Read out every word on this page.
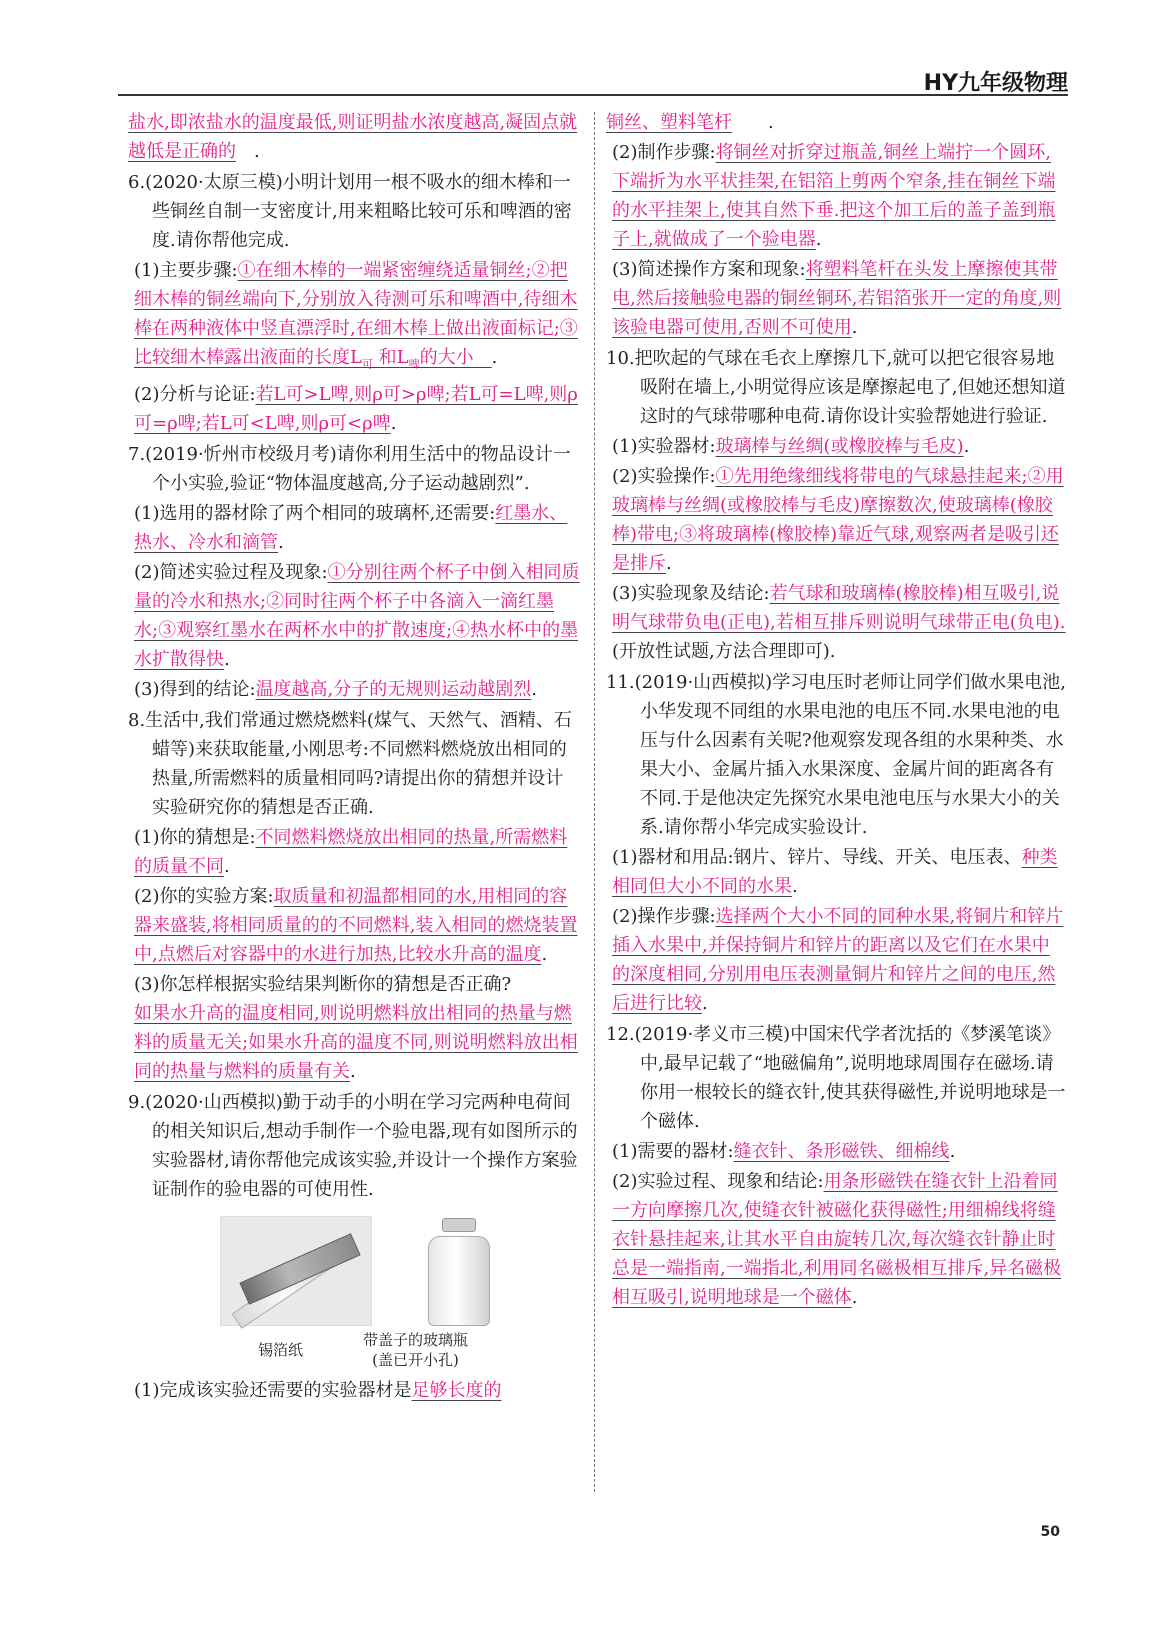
HY九年级物理

盐水,即浓盐水的温度最低,则证明盐水浓度越高,凝固点就越低是正确的　.

6.(2020·太原三模)小明计划用一根不吸水的细木棒和一些铜丝自制一支密度计,用来粗略比较可乐和啤酒的密度.请你帮他完成.

(1)主要步骤:①在细木棒的一端紧密缠绕适量铜丝;②把细木棒的铜丝端向下,分别放入待测可乐和啤酒中,待细木棒在两种液体中竖直漂浮时,在细木棒上做出液面标记;③比较细木棒露出液面的长度$L_可$ 和$L_啤$的大小　 .

(2)分析与论证:若L可>L啤,则ρ可>ρ啤;若L可=L啤,则ρ可=ρ啤;若L可<L啤,则ρ可<ρ啤.

7.(2019·忻州市校级月考)请你利用生活中的物品设计一个小实验,验证“物体温度越高,分子运动越剧烈”.

(1)选用的器材除了两个相同的玻璃杯,还需要:红墨水、热水、冷水和滴管.

(2)简述实验过程及现象:①分别往两个杯子中倒入相同质量的冷水和热水;②同时往两个杯子中各滴入一滴红墨水;③观察红墨水在两杯水中的扩散速度;④热水杯中的墨水扩散得快.

(3)得到的结论:温度越高,分子的无规则运动越剧烈.

8.生活中,我们常通过燃烧燃料(煤气、天然气、酒精、石蜡等)来获取能量,小刚思考:不同燃料燃烧放出相同的热量,所需燃料的质量相同吗?请提出你的猜想并设计实验研究你的猜想是否正确.

(1)你的猜想是:不同燃料燃烧放出相同的热量,所需燃料的质量不同.

(2)你的实验方案:取质量和初温都相同的水,用相同的容器来盛装,将相同质量的的不同燃料,装入相同的燃烧装置中,点燃后对容器中的水进行加热,比较水升高的温度.

(3)你怎样根据实验结果判断你的猜想是否正确?
如果水升高的温度相同,则说明燃料放出相同的热量与燃料的质量无关;如果水升高的温度不同,则说明燃料放出相同的热量与燃料的质量有关.

9.(2020·山西模拟)勤于动手的小明在学习完两种电荷间的相关知识后,想动手制作一个验电器,现有如图所示的实验器材,请你帮他完成该实验,并设计一个操作方案验证制作的验电器的可使用性.

锡箔纸
带盖子的玻璃瓶
(盖已开小孔)

(1)完成该实验还需要的实验器材是足够长度的

铜丝、塑料笔杆　　.

(2)制作步骤:将铜丝对折穿过瓶盖,铜丝上端拧一个圆环,下端折为水平状挂架,在铝箔上剪两个窄条,挂在铜丝下端的水平挂架上,使其自然下垂.把这个加工后的盖子盖到瓶子上,就做成了一个验电器.

(3)简述操作方案和现象:将塑料笔杆在头发上摩擦使其带电,然后接触验电器的铜丝铜环,若铝箔张开一定的角度,则该验电器可使用,否则不可使用.

10.把吹起的气球在毛衣上摩擦几下,就可以把它很容易地吸附在墙上,小明觉得应该是摩擦起电了,但她还想知道这时的气球带哪种电荷.请你设计实验帮她进行验证.

(1)实验器材:玻璃棒与丝绸(或橡胶棒与毛皮).

(2)实验操作:①先用绝缘细线将带电的气球悬挂起来;②用玻璃棒与丝绸(或橡胶棒与毛皮)摩擦数次,使玻璃棒(橡胶棒)带电;③将玻璃棒(橡胶棒)靠近气球,观察两者是吸引还是排斥.

(3)实验现象及结论:若气球和玻璃棒(橡胶棒)相互吸引,说明气球带负电(正电),若相互排斥则说明气球带正电(负电).(开放性试题,方法合理即可).

11.(2019·山西模拟)学习电压时老师让同学们做水果电池,小华发现不同组的水果电池的电压不同.水果电池的电压与什么因素有关呢?他观察发现各组的水果种类、水果大小、金属片插入水果深度、金属片间的距离各有不同.于是他决定先探究水果电池电压与水果大小的关系.请你帮小华完成实验设计.

(1)器材和用品:钢片、锌片、导线、开关、电压表、种类相同但大小不同的水果.

(2)操作步骤:选择两个大小不同的同种水果,将铜片和锌片插入水果中,并保持铜片和锌片的距离以及它们在水果中的深度相同,分别用电压表测量铜片和锌片之间的电压,然后进行比较.

12.(2019·孝义市三模)中国宋代学者沈括的《梦溪笔谈》中,最早记载了“地磁偏角”,说明地球周围存在磁场.请你用一根较长的缝衣针,使其获得磁性,并说明地球是一个磁体.

(1)需要的器材:缝衣针、条形磁铁、细棉线.

(2)实验过程、现象和结论:用条形磁铁在缝衣针上沿着同一方向摩擦几次,使缝衣针被磁化获得磁性;用细棉线将缝衣针悬挂起来,让其水平自由旋转几次,每次缝衣针静止时总是一端指南,一端指北,利用同名磁极相互排斥,异名磁极相互吸引,说明地球是一个磁体.

50
